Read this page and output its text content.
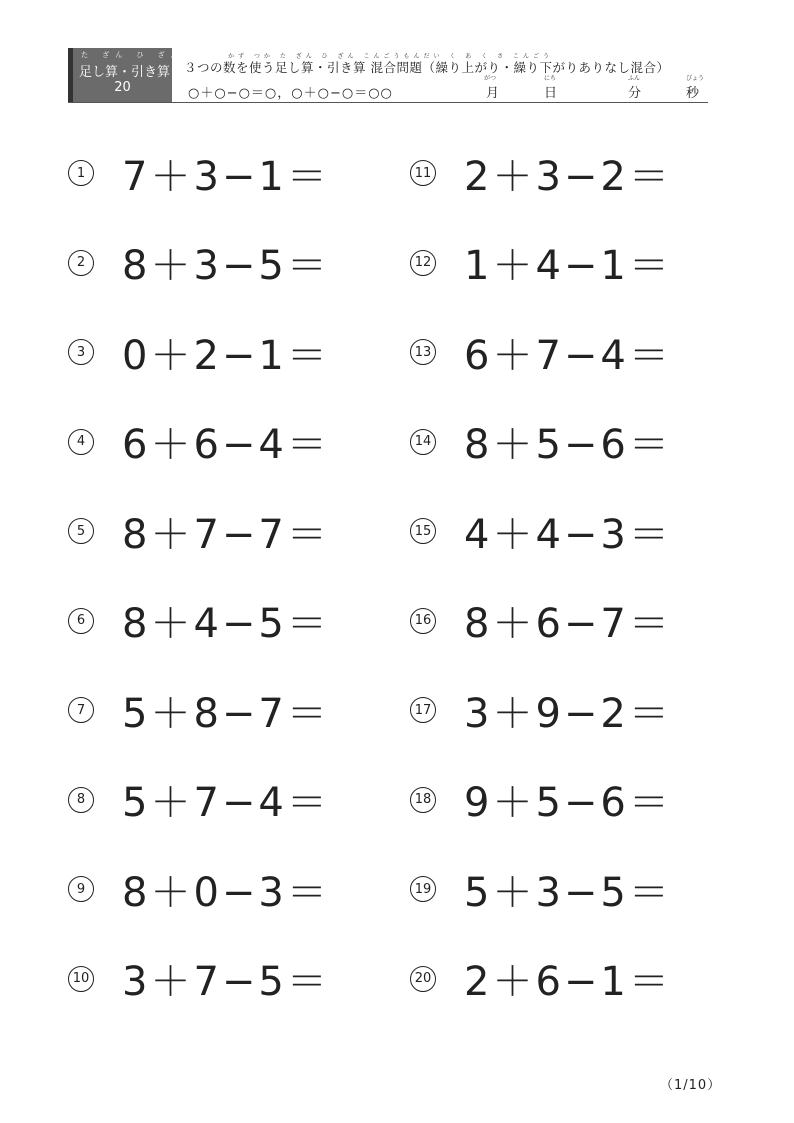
た ざん ひ ざん
足し算・引き算
20
かず つか た ざん ひ ざん こんごうもんだい く あ く さ こんごう
３つの数を使う足し算・引き算 混合問題（繰り上がり・繰り下がりありなし混合）
○＋○−○＝○，○＋○−○＝○○
がつ
月
にち
日
ふん
分
びょう
秒
1 7＋3−1＝
2 8＋3−5＝
3 0＋2−1＝
4 6＋6−4＝
5 8＋7−7＝
6 8＋4−5＝
7 5＋8−7＝
8 5＋7−4＝
9 8＋0−3＝
10 3＋7−5＝
11 2＋3−2＝
12 1＋4−1＝
13 6＋7−4＝
14 8＋5−6＝
15 4＋4−3＝
16 8＋6−7＝
17 3＋9−2＝
18 9＋5−6＝
19 5＋3−5＝
20 2＋6−1＝
（1/10）
